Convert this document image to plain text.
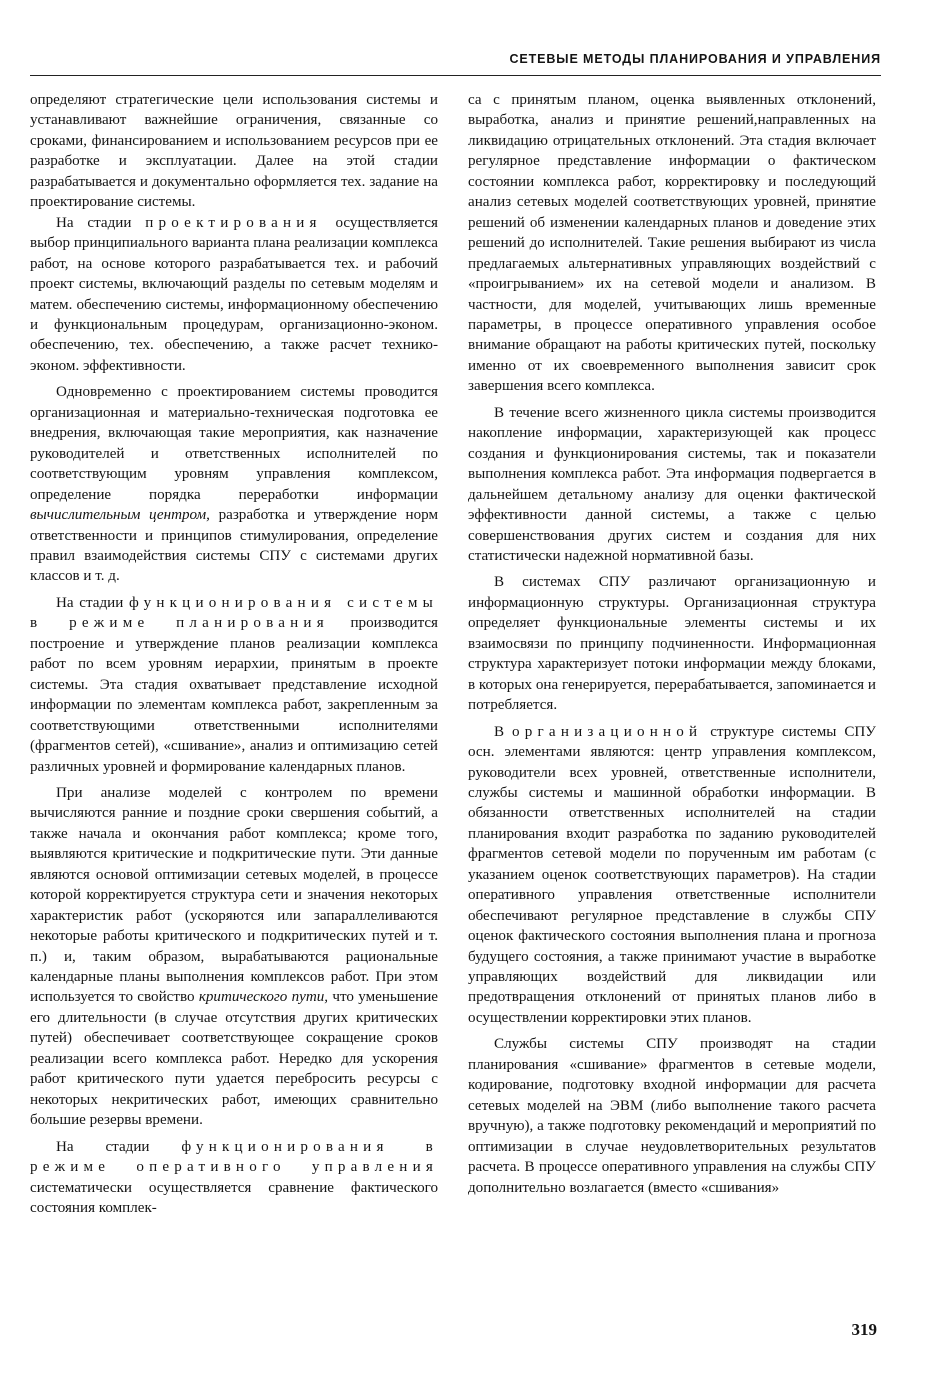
СЕТЕВЫЕ МЕТОДЫ ПЛАНИРОВАНИЯ И УПРАВЛЕНИЯ

определяют стратегические цели использования системы и устанавливают важнейшие ограничения, связанные со сроками, финансированием и использованием ресурсов при ее разработке и эксплуатации. Далее на этой стадии разрабатывается и документально оформляется тех. задание на проектирование системы.

На стадии проектирования осуществляется выбор принципиального варианта плана реализации комплекса работ, на основе которого разрабатывается тех. и рабочий проект системы, включающий разделы по сетевым моделям и матем. обеспечению системы, информационному обеспечению и функциональным процедурам, организационно-эконом. обеспечению, тех. обеспечению, а также расчет технико-эконом. эффективности.

Одновременно с проектированием системы проводится организационная и материально-техническая подготовка ее внедрения, включающая такие мероприятия, как назначение руководителей и ответственных исполнителей по соответствующим уровням управления комплексом, определение порядка переработки информации вычислительным центром, разработка и утверждение норм ответственности и принципов стимулирования, определение правил взаимодействия системы СПУ с системами других классов и т. д.

На стадии функционирования системы в режиме планирования производится построение и утверждение планов реализации комплекса работ по всем уровням иерархии, принятым в проекте системы. Эта стадия охватывает представление исходной информации по элементам комплекса работ, закрепленным за соответствующими ответственными исполнителями (фрагментов сетей), «сшивание», анализ и оптимизацию сетей различных уровней и формирование календарных планов.

При анализе моделей с контролем по времени вычисляются ранние и поздние сроки свершения событий, а также начала и окончания работ комплекса; кроме того, выявляются критические и подкритические пути. Эти данные являются основой оптимизации сетевых моделей, в процессе которой корректируется структура сети и значения некоторых характеристик работ (ускоряются или запараллеливаются некоторые работы критического и подкритических путей и т. п.) и, таким образом, вырабатываются рациональные календарные планы выполнения комплексов работ. При этом используется то свойство критического пути, что уменьшение его длительности (в случае отсутствия других критических путей) обеспечивает соответствующее сокращение сроков реализации всего комплекса работ. Нередко для ускорения работ критического пути удается перебросить ресурсы с некоторых некритических работ, имеющих сравнительно большие резервы времени.

На стадии функционирования в режиме оперативного управления систематически осуществляется сравнение фактического состояния комплек-

са с принятым планом, оценка выявленных отклонений, выработка, анализ и принятие решений,направленных на ликвидацию отрицательных отклонений. Эта стадия включает регулярное представление информации о фактическом состоянии комплекса работ, корректировку и последующий анализ сетевых моделей соответствующих уровней, принятие решений об изменении календарных планов и доведение этих решений до исполнителей. Такие решения выбирают из числа предлагаемых альтернативных управляющих воздействий с «проигрыванием» их на сетевой модели и анализом. В частности, для моделей, учитывающих лишь временные параметры, в процессе оперативного управления особое внимание обращают на работы критических путей, поскольку именно от их своевременного выполнения зависит срок завершения всего комплекса.

В течение всего жизненного цикла системы производится накопление информации, характеризующей как процесс создания и функционирования системы, так и показатели выполнения комплекса работ. Эта информация подвергается в дальнейшем детальному анализу для оценки фактической эффективности данной системы, а также с целью совершенствования других систем и создания для них статистически надежной нормативной базы.

В системах СПУ различают организационную и информационную структуры. Организационная структура определяет функциональные элементы системы и их взаимосвязи по принципу подчиненности. Информационная структура характеризует потоки информации между блоками, в которых она генерируется, перерабатывается, запоминается и потребляется.

В организационной структуре системы СПУ осн. элементами являются: центр управления комплексом, руководители всех уровней, ответственные исполнители, службы системы и машинной обработки информации. В обязанности ответственных исполнителей на стадии планирования входит разработка по заданию руководителей фрагментов сетевой модели по порученным им работам (с указанием оценок соответствующих параметров). На стадии оперативного управления ответственные исполнители обеспечивают регулярное представление в службы СПУ оценок фактического состояния выполнения плана и прогноза будущего состояния, а также принимают участие в выработке управляющих воздействий для ликвидации или предотвращения отклонений от принятых планов либо в осуществлении корректировки этих планов.

Службы системы СПУ производят на стадии планирования «сшивание» фрагментов в сетевые модели, кодирование, подготовку входной информации для расчета сетевых моделей на ЭВМ (либо выполнение такого расчета вручную), а также подготовку рекомендаций и мероприятий по оптимизации в случае неудовлетворительных результатов расчета. В процессе оперативного управления на службы СПУ дополнительно возлагается (вместо «сшивания»

319
